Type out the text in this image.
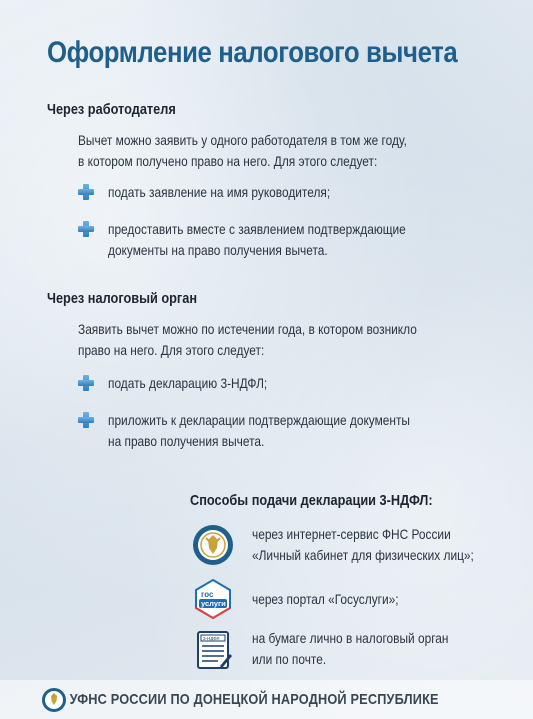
Оформление налогового вычета
Через работодателя
Вычет можно заявить у одного работодателя в том же году,
в котором получено право на него. Для этого следует:
подать заявление на имя руководителя;
предоставить вместе с заявлением подтверждающие
документы на право получения вычета.
Через налоговый орган
Заявить вычет можно по истечении года, в котором возникло
право на него. Для этого следует:
подать декларацию 3-НДФЛ;
приложить к декларации подтверждающие документы
на право получения вычета.
Способы подачи декларации 3-НДФЛ:
через интернет-сервис ФНС России
«Личный кабинет для физических лиц»;
гос
услуги через портал «Госуслуги»;
3-НДФЛ на бумаге лично в налоговый орган
или по почте.
УФНС РОССИИ ПО ДОНЕЦКОЙ НАРОДНОЙ РЕСПУБЛИКЕ
